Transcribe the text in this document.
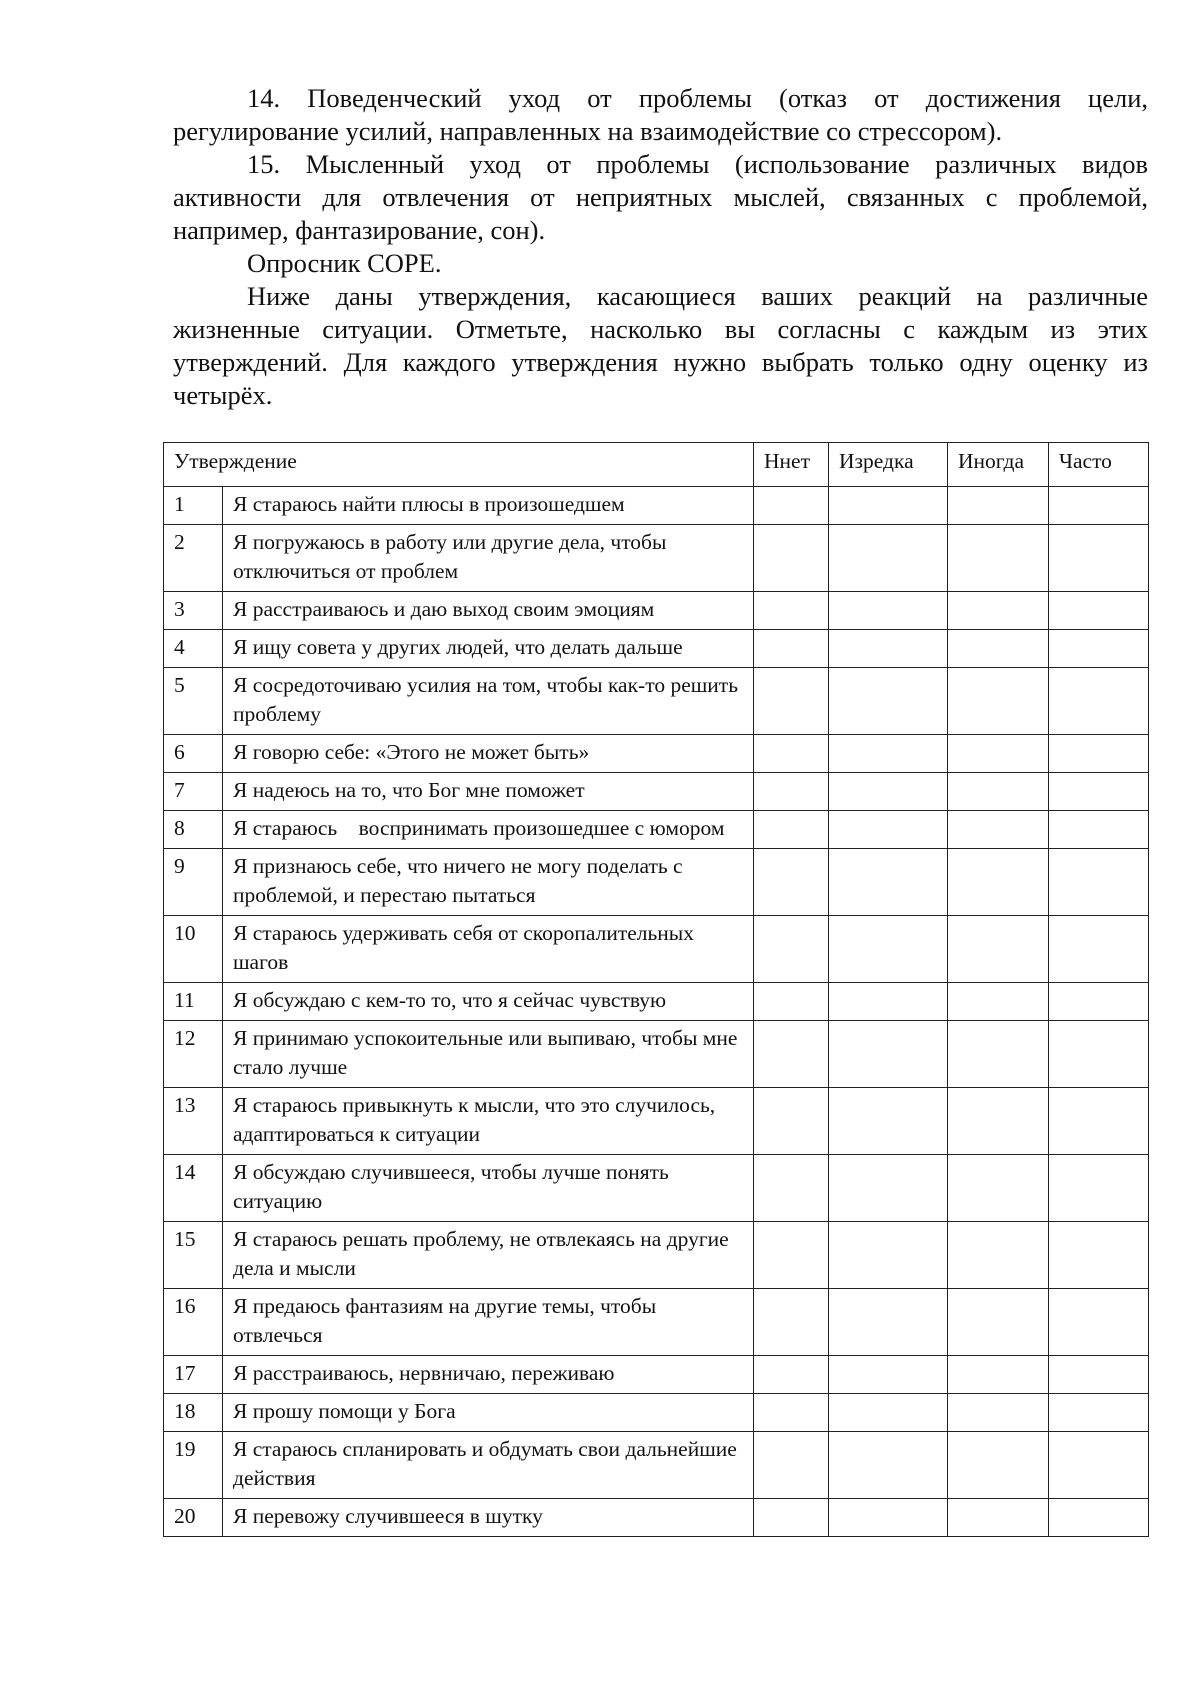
14. Поведенческий уход от проблемы (отказ от достижения цели, регулирование усилий, направленных на взаимодействие со стрессором).

15. Мысленный уход от проблемы (использование различных видов активности для отвлечения от неприятных мыслей, связанных с проблемой, например, фантазирование, сон).

Опросник COPE.

Ниже даны утверждения, касающиеся ваших реакций на различные жизненные ситуации. Отметьте, насколько вы согласны с каждым из этих утверждений. Для каждого утверждения нужно выбрать только одну оценку из четырёх.

Утверждение		Ннет	Изредка	Иногда	Часто
1	Я стараюсь найти плюсы в произошедшем				
2	Я погружаюсь в работу или другие дела, чтобы отключиться от проблем				
3	Я расстраиваюсь и даю выход своим эмоциям				
4	Я ищу совета у других людей, что делать дальше				
5	Я сосредоточиваю усилия на том, чтобы как-то решить проблему				
6	Я говорю себе: «Этого не может быть»				
7	Я надеюсь на то, что Бог мне поможет				
8	Я стараюсь    воспринимать произошедшее с юмором				
9	Я признаюсь себе, что ничего не могу поделать с проблемой, и перестаю пытаться				
10	Я стараюсь удерживать себя от скоропалительных шагов				
11	Я обсуждаю с кем-то то, что я сейчас чувствую				
12	Я принимаю успокоительные или выпиваю, чтобы мне стало лучше				
13	Я стараюсь привыкнуть к мысли, что это случилось, адаптироваться к ситуации				
14	Я обсуждаю случившееся, чтобы лучше понять ситуацию				
15	Я стараюсь решать проблему, не отвлекаясь на другие дела и мысли				
16	Я предаюсь фантазиям на другие темы, чтобы отвлечься				
17	Я расстраиваюсь, нервничаю, переживаю				
18	Я прошу помощи у Бога				
19	Я стараюсь спланировать и обдумать свои дальнейшие действия				
20	Я перевожу случившееся в шутку				
